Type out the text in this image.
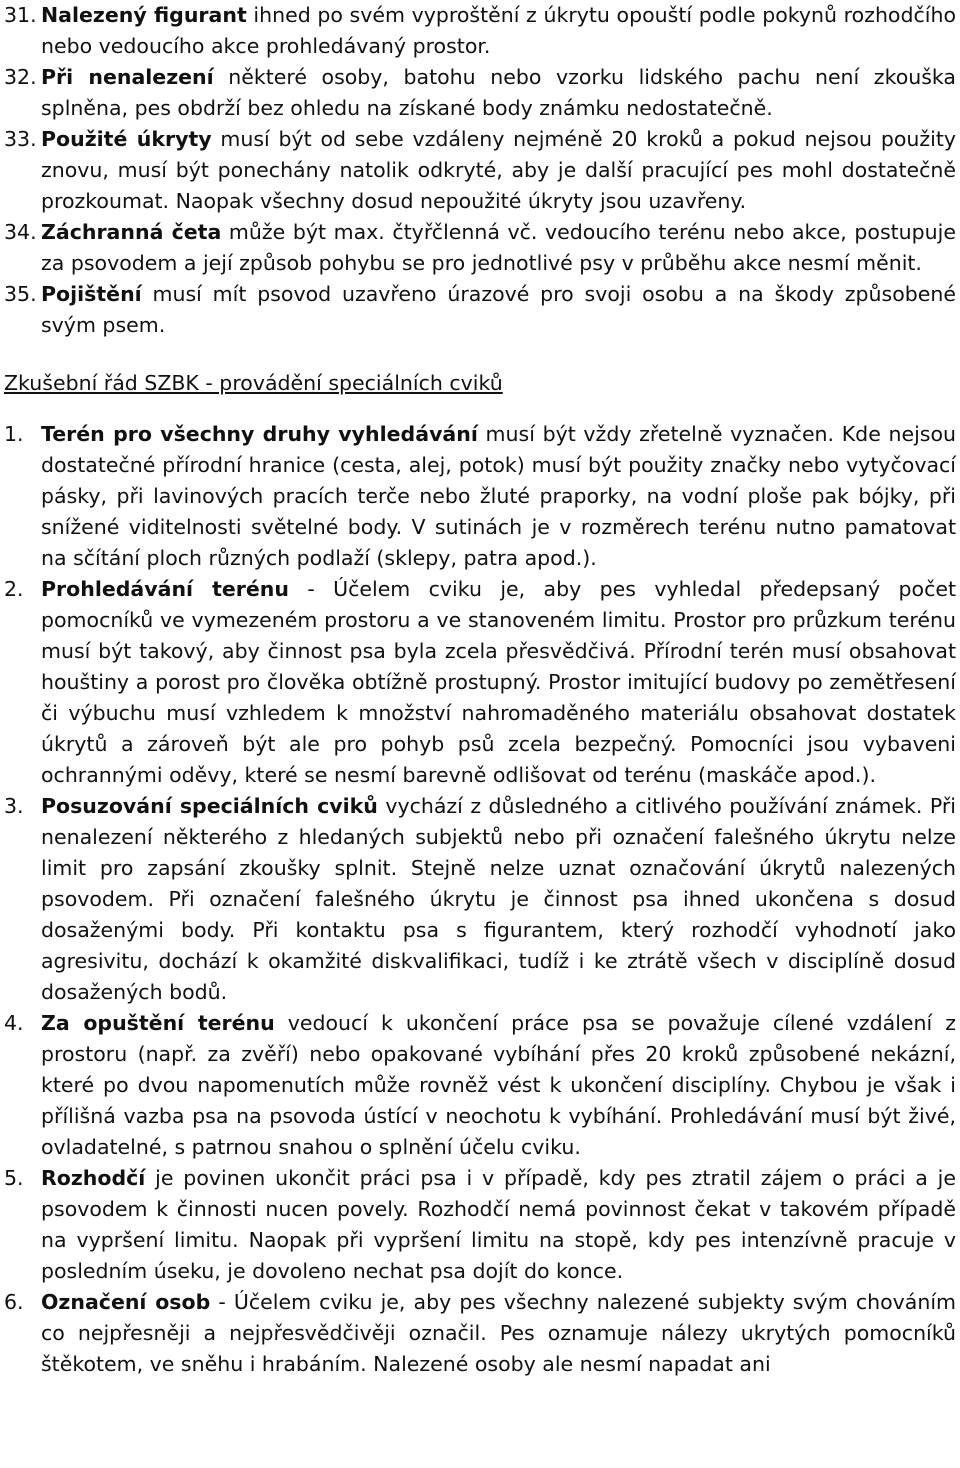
31. Nalezený figurant ihned po svém vyproštění z úkrytu opouští podle pokynů rozhodčího nebo vedoucího akce prohledávaný prostor.
32. Při nenalezení některé osoby, batohu nebo vzorku lidského pachu není zkouška splněna, pes obdrží bez ohledu na získané body známku nedostatečně.
33. Použité úkryty musí být od sebe vzdáleny nejméně 20 kroků a pokud nejsou použity znovu, musí být ponechány natolik odkryté, aby je další pracující pes mohl dostatečně prozkoumat. Naopak všechny dosud nepoužité úkryty jsou uzavřeny.
34. Záchranná četa může být max. čtyřčlenná vč. vedoucího terénu nebo akce, postupuje za psovodem a její způsob pohybu se pro jednotlivé psy v průběhu akce nesmí měnit.
35. Pojištění musí mít psovod uzavřeno úrazové pro svoji osobu a na škody způsobené svým psem.
Zkušební řád SZBK - provádění speciálních cviků
1. Terén pro všechny druhy vyhledávání musí být vždy zřetelně vyznačen. Kde nejsou dostatečné přírodní hranice (cesta, alej, potok) musí být použity značky nebo vytyčovací pásky, při lavinových pracích terče nebo žluté praporky, na vodní ploše pak bójky, při snížené viditelnosti světelné body. V sutinách je v rozměrech terénu nutno pamatovat na sčítání ploch různých podlaží (sklepy, patra apod.).
2. Prohledávání terénu - Účelem cviku je, aby pes vyhledal předepsaný počet pomocníků ve vymezeném prostoru a ve stanoveném limitu. Prostor pro průzkum terénu musí být takový, aby činnost psa byla zcela přesvědčivá. Přírodní terén musí obsahovat houštiny a porost pro člověka obtížně prostupný. Prostor imitující budovy po zemětřesení či výbuchu musí vzhledem k množství nahromaděného materiálu obsahovat dostatek úkrytů a zároveň být ale pro pohyb psů zcela bezpečný. Pomocníci jsou vybaveni ochrannými oděvy, které se nesmí barevně odlišovat od terénu (maskáče apod.).
3. Posuzování speciálních cviků vychází z důsledného a citlivého používání známek. Při nenalezení některého z hledaných subjektů nebo při označení falešného úkrytu nelze limit pro zapsání zkoušky splnit. Stejně nelze uznat označování úkrytů nalezených psovodem. Při označení falešného úkrytu je činnost psa ihned ukončena s dosud dosaženými body. Při kontaktu psa s figurantem, který rozhodčí vyhodnotí jako agresivitu, dochází k okamžité diskvalifikaci, tudíž i ke ztrátě všech v disciplíně dosud dosažených bodů.
4. Za opuštění terénu vedoucí k ukončení práce psa se považuje cílené vzdálení z prostoru (např. za zvěří) nebo opakované vybíhání přes 20 kroků způsobené nekázní, které po dvou napomenutích může rovněž vést k ukončení disciplíny. Chybou je však i přílišná vazba psa na psovoda ústící v neochotu k vybíhání. Prohledávání musí být živé, ovladatelné, s patrnou snahou o splnění účelu cviku.
5. Rozhodčí je povinen ukončit práci psa i v případě, kdy pes ztratil zájem o práci a je psovodem k činnosti nucen povely. Rozhodčí nemá povinnost čekat v takovém případě na vypršení limitu. Naopak při vypršení limitu na stopě, kdy pes intenzívně pracuje v posledním úseku, je dovoleno nechat psa dojít do konce.
6. Označení osob - Účelem cviku je, aby pes všechny nalezené subjekty svým chováním co nejpřesněji a nejpřesvědčivěji označil. Pes oznamuje nálezy ukrytých pomocníků štěkotem, ve sněhu i hrabáním. Nalezené osoby ale nesmí napadat ani
